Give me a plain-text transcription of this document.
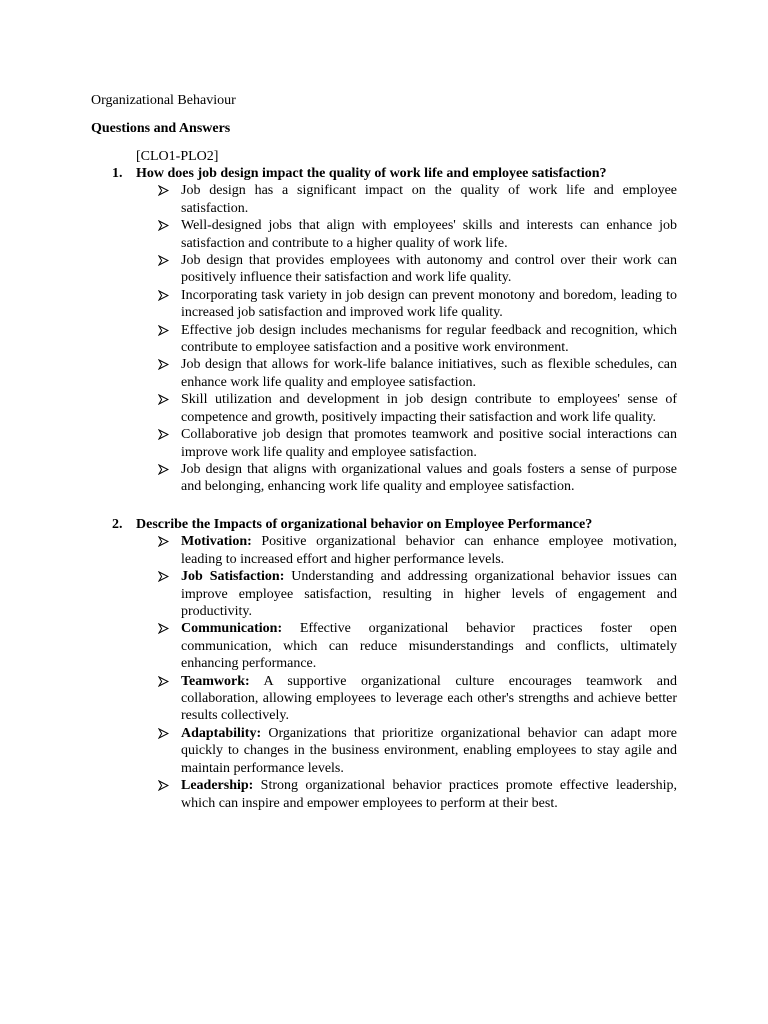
Organizational Behaviour
Questions and Answers
[CLO1-PLO2]
1. How does job design impact the quality of work life and employee satisfaction?
Job design has a significant impact on the quality of work life and employee satisfaction.
Well-designed jobs that align with employees' skills and interests can enhance job satisfaction and contribute to a higher quality of work life.
Job design that provides employees with autonomy and control over their work can positively influence their satisfaction and work life quality.
Incorporating task variety in job design can prevent monotony and boredom, leading to increased job satisfaction and improved work life quality.
Effective job design includes mechanisms for regular feedback and recognition, which contribute to employee satisfaction and a positive work environment.
Job design that allows for work-life balance initiatives, such as flexible schedules, can enhance work life quality and employee satisfaction.
Skill utilization and development in job design contribute to employees' sense of competence and growth, positively impacting their satisfaction and work life quality.
Collaborative job design that promotes teamwork and positive social interactions can improve work life quality and employee satisfaction.
Job design that aligns with organizational values and goals fosters a sense of purpose and belonging, enhancing work life quality and employee satisfaction.
2. Describe the Impacts of organizational behavior on Employee Performance?
Motivation: Positive organizational behavior can enhance employee motivation, leading to increased effort and higher performance levels.
Job Satisfaction: Understanding and addressing organizational behavior issues can improve employee satisfaction, resulting in higher levels of engagement and productivity.
Communication: Effective organizational behavior practices foster open communication, which can reduce misunderstandings and conflicts, ultimately enhancing performance.
Teamwork: A supportive organizational culture encourages teamwork and collaboration, allowing employees to leverage each other's strengths and achieve better results collectively.
Adaptability: Organizations that prioritize organizational behavior can adapt more quickly to changes in the business environment, enabling employees to stay agile and maintain performance levels.
Leadership: Strong organizational behavior practices promote effective leadership, which can inspire and empower employees to perform at their best.
